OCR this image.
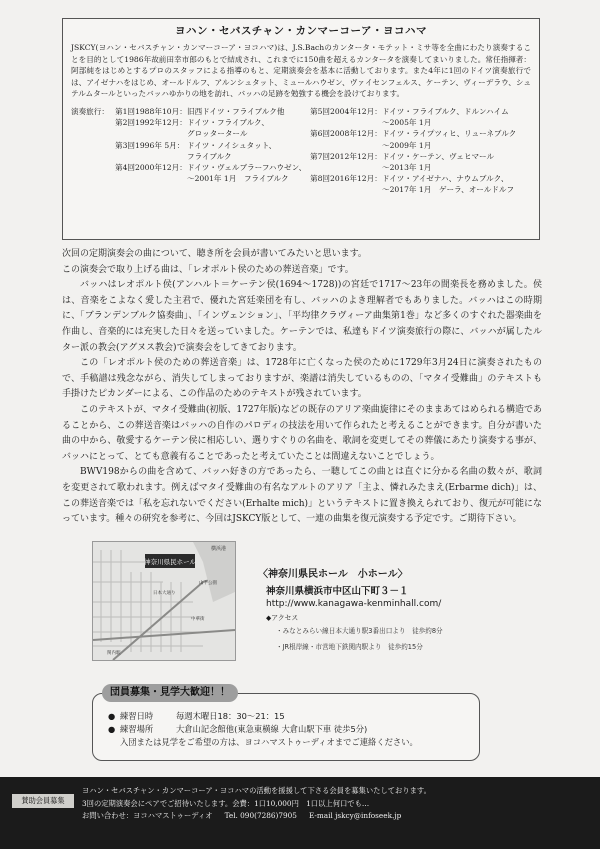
ヨハン・セバスチャン・カンマーコーア・ヨコハマ

JSKCY(ヨハン・セバスチャン・カンマーコーア・ヨコハマ)は、J.S.Bachのカンタータ・モテット・ミサ等を全曲にわたり演奏することを目的として1986年故前田幸市郎のもとで結成され、これまでに150曲を超えるカンタータを演奏してまいりました。常任指揮者：阿部純をはじめとするプロのスタッフによる指導のもと、定期演奏会を基本に活動しております。また4年に1回のドイツ演奏旅行では、アイゼナハをはじめ、オールドルフ、アルンシュタット、ミュールハウゼン、ヴァイセンフェルス、ケーテン、ヴィーデラウ、シュテルムタールといったバッハゆかりの地を訪れ、バッハの足跡を勉強する機会を設けております。

演奏旅行： 第1回1988年10月： 旧西ドイツ・フライブルク他
第2回1992年12月： ドイツ・フライブルク、
グロッタータール
第3回1996年 5月： ドイツ・ノイシュタット、
フライブルク
第4回2000年12月： ドイツ・ヴェルブラーフハウゼン、
〜2001年 1月　フライブルク
第5回2004年12月： ドイツ・フライブルク、ドルンハイム
〜2005年 1月
第6回2008年12月： ドイツ・ライプツィヒ、リューネブルク
〜2009年 1月
第7回2012年12月： ドイツ・ケーテン、ヴェヒマール
〜2013年 1月
第8回2016年12月： ドイツ・アイゼナハ、ナウムブルク、
〜2017年 1月　ゲーラ、オールドルフ

次回の定期演奏会の曲について、聴き所を会員が書いてみたいと思います。

この演奏会で取り上げる曲は、「レオポルト侯のための葬送音楽」です。

バッハはレオポルト侯(アンハルト＝ケーテン侯(1694〜1728))の宮廷で1717〜23年の間楽長を務めました。侯は、音楽をこよなく愛した主君で、優れた宮廷楽団を有し、バッハのよき理解者でもありました。バッハはこの時期に、「ブランデンブルク協奏曲」、「インヴェンション」、「平均律クラヴィーア曲集第1巻」など多くのすぐれた器楽曲を作曲し、音楽的には充実した日々を送っていました。ケーテンでは、私達もドイツ演奏旅行の際に、バッハが属したルター派の教会(アグヌス教会)で演奏会をしてきております。

この「レオポルト侯のための葬送音楽」は、1728年に亡くなった侯のために1729年3月24日に演奏されたもので、手稿譜は残念ながら、消失してしまっておりますが、楽譜は消失しているものの、「マタイ受難曲」のテキストも手掛けたピカンダーによる、この作品のためのテキストが残されています。

このテキストが、マタイ受難曲(初版、1727年版)などの既存のアリア楽曲旋律にそのままあてはめられる構造であることから、この葬送音楽はバッハの自作のパロディの技法を用いて作られたと考えることができます。自分が書いた曲の中から、敬愛するケーテン侯に相応しい、選りすぐりの名曲を、歌詞を変更してその葬儀にあたり演奏する事が、バッハにとって、とても意義有ることであったと考えていたことは間違えないことでしょう。

BWV198からの曲を含めて、バッハ好きの方であったら、一聴してこの曲とは直ぐに分かる名曲の数々が、歌詞を変更されて歌われます。例えばマタイ受難曲の有名なアルトのアリア「主よ、憐れみたまえ(Erbarme dich)」は、この葬送音楽では「私を忘れないでください(Erhalte mich)」というテキストに置き換えられており、復元が可能になっています。種々の研究を参考に、今回はJSKCY版として、一連の曲集を復元演奏する予定です。ご期待下さい。

神奈川県民ホール
横浜港
山下公園
中華街
日本大通り
関内駅
〈神奈川県民ホール　小ホール〉
神奈川県横浜市中区山下町３－１
http://www.kanagawa-kenminhall.com/
◆アクセス
・みなとみらい線日本大通り駅3番出口より　徒歩約8分
・JR根岸線・市営地下鉄関内駅より　徒歩約15分
団員募集・見学大歓迎！！
● 練習日時	毎週木曜日18：30〜21：15
● 練習場所	大倉山記念館他(東急東横線 大倉山駅下車 徒歩5分)
入団または見学をご希望の方は、ヨコハマストゥーディオまでご連絡ください。
賛助会員募集
ヨハン・セバスチャン・カンマーコーア・ヨコハマの活動を援援して下さる会員を募集いたしております。
3回の定期演奏会にペアでご招待いたします。会費：1口10,000円　1口以上何口でも…
お問い合わせ：ヨコハマストゥーディオ Tel. 090(7286)7905 E-mail jskcy@infoseek.jp
